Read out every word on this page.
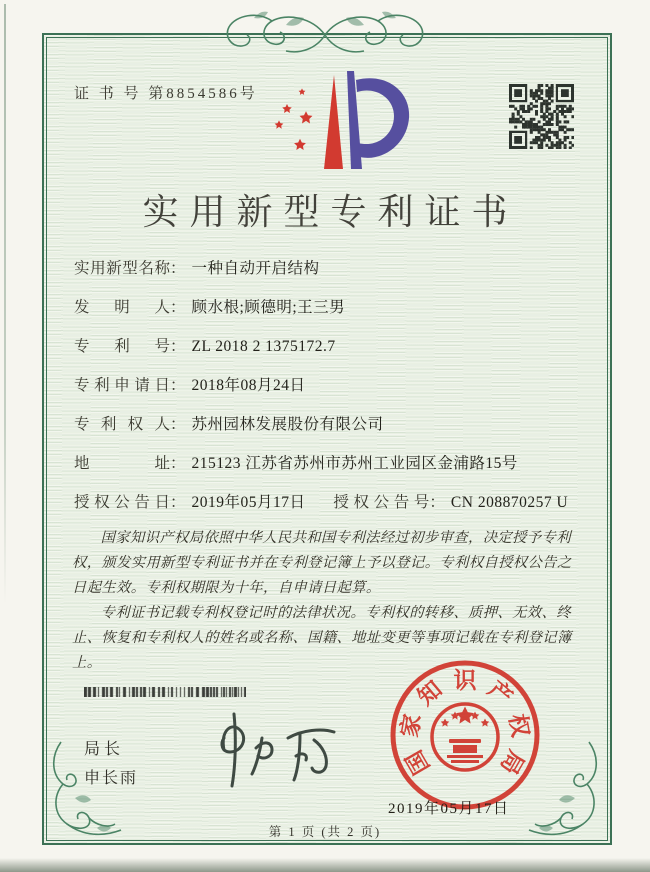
证 书 号 第8854586号
实用新型专利证书
实用新型名称： 一种自动开启结构
发明人： 顾水根;顾德明;王三男
专利号： ZL 2018 2 1375172.7
专利申请日： 2018年08月24日
专利权人： 苏州园林发展股份有限公司
地址： 215123 江苏省苏州市苏州工业园区金浦路15号
授权公告日： 2019年05月17日 授权公告号： CN 208870257 U

国家知识产权局依照中华人民共和国专利法经过初步审查，决定授予专利权，颁发实用新型专利证书并在专利登记簿上予以登记。专利权自授权公告之日起生效。专利权期限为十年，自申请日起算。

专利证书记载专利权登记时的法律状况。专利权的转移、质押、无效、终止、恢复和专利权人的姓名或名称、国籍、地址变更等事项记载在专利登记簿上。

局长
申长雨
国
家
知 识 产
权
局
2019年05月17日
第 1 页 (共 2 页)
